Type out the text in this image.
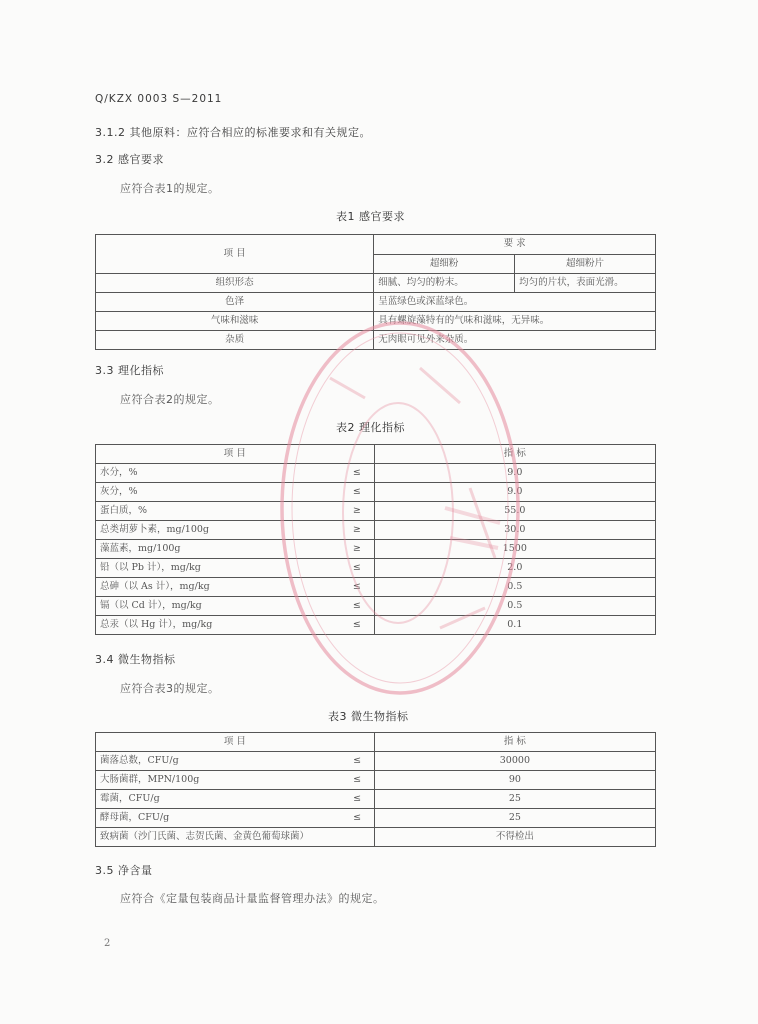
Q/KZX 0003 S—2011
3.1.2 其他原料：应符合相应的标准要求和有关规定。
3.2 感官要求
应符合表1的规定。
表1 感官要求
项 目	要 求	
	超细粉	超细粉片
组织形态	细腻、均匀的粉末。	均匀的片状，表面光滑。
色泽	呈蓝绿色或深蓝绿色。	
气味和滋味	具有螺旋藻特有的气味和滋味，无异味。	
杂质	无肉眼可见外来杂质。	
3.3 理化指标
应符合表2的规定。
表2 理化指标
项 目		指 标
水分，%	≤	9.0
灰分，%	≤	9.0
蛋白质，%	≥	55.0
总类胡萝卜素，mg/100g	≥	30.0
藻蓝素，mg/100g	≥	1500
铅（以 Pb 计），mg/kg	≤	2.0
总砷（以 As 计），mg/kg	≤	0.5
镉（以 Cd 计），mg/kg	≤	0.5
总汞（以 Hg 计），mg/kg	≤	0.1
3.4 微生物指标
应符合表3的规定。
表3 微生物指标
项 目		指 标
菌落总数，CFU/g	≤	30000
大肠菌群，MPN/100g	≤	90
霉菌，CFU/g	≤	25
酵母菌，CFU/g	≤	25
致病菌（沙门氏菌、志贺氏菌、金黄色葡萄球菌）		不得检出
3.5 净含量
应符合《定量包装商品计量监督管理办法》的规定。
2
